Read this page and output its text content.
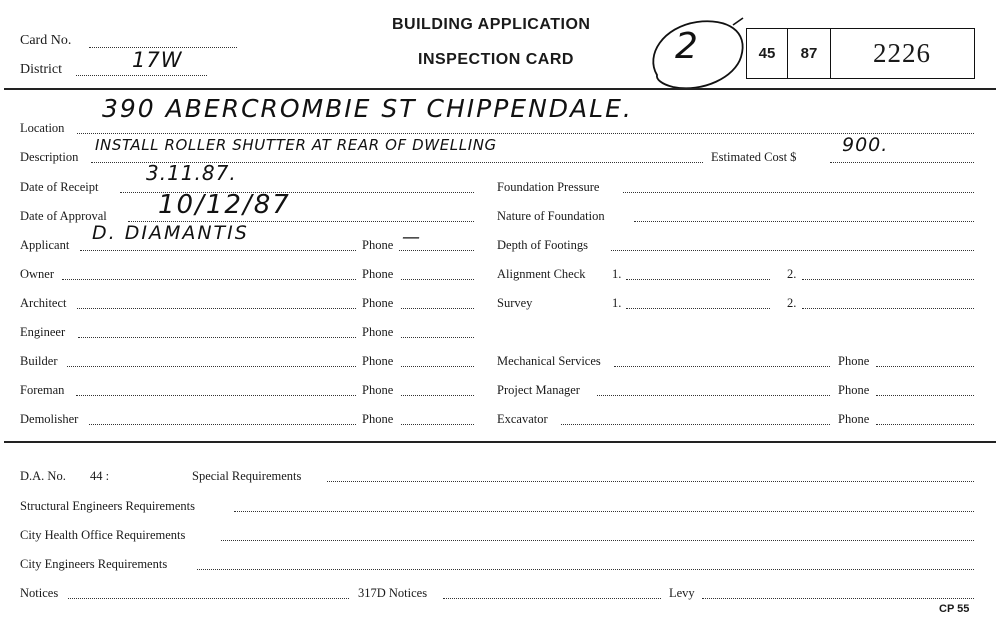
Card No.
District	17W
BUILDING APPLICATION
INSPECTION CARD	2	45 87 2226
Location
390 ABERCROMBIE ST CHIPPENDALE.
Description
INSTALL ROLLER SHUTTER AT REAR OF DWELLING
Estimated Cost $
900.
Date of Receipt
3.11.87.
Date of Approval 10/12/87
Applicant
D. DIAMANTIS
Phone —
Owner	Phone
Architect	Phone
Engineer	Phone
Builder	Phone
Foreman	Phone
Demolisher	Phone
Foundation Pressure
Nature of Foundation
Depth of Footings
Alignment Check 1.	2.
Survey	1.	2.
Mechanical Services	Phone
Project Manager	Phone
Excavator	Phone
D.A. No. 44 :	Special Requirements
Structural Engineers Requirements
City Health Office Requirements
City Engineers Requirements
Notices	317D Notices	Levy
CP 55
